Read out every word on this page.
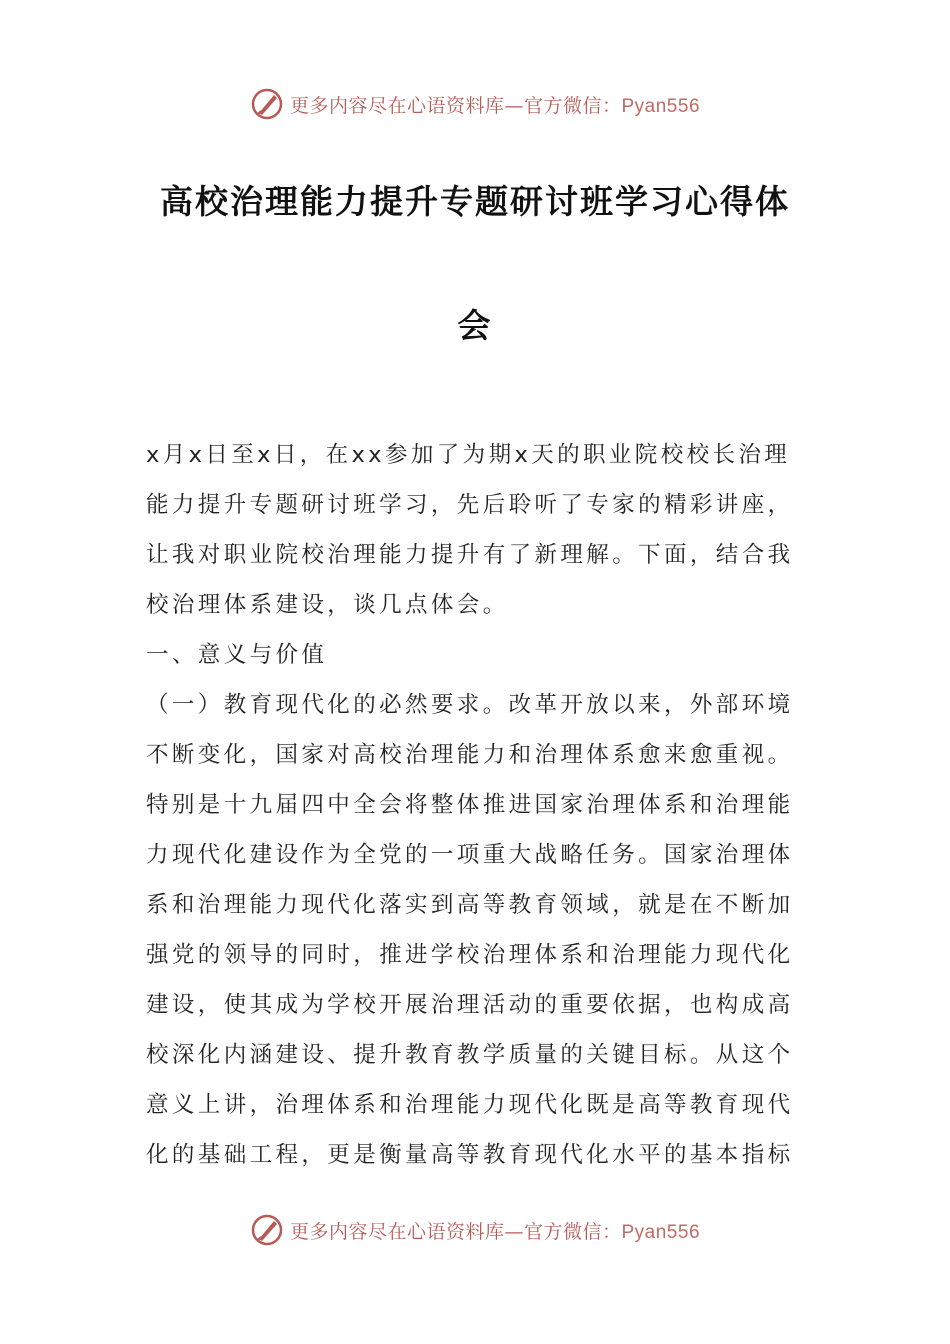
更多内容尽在心语资料库—官方微信：Pyan556
高校治理能力提升专题研讨班学习心得体
会
x月x日至x日，在xx参加了为期x天的职业院校校长治理
能力提升专题研讨班学习，先后聆听了专家的精彩讲座，
让我对职业院校治理能力提升有了新理解。下面，结合我
校治理体系建设，谈几点体会。
一、意义与价值
（一）教育现代化的必然要求。改革开放以来，外部环境
不断变化，国家对高校治理能力和治理体系愈来愈重视。
特别是十九届四中全会将整体推进国家治理体系和治理能
力现代化建设作为全党的一项重大战略任务。国家治理体
系和治理能力现代化落实到高等教育领域，就是在不断加
强党的领导的同时，推进学校治理体系和治理能力现代化
建设，使其成为学校开展治理活动的重要依据，也构成高
校深化内涵建设、提升教育教学质量的关键目标。从这个
意义上讲，治理体系和治理能力现代化既是高等教育现代
化的基础工程，更是衡量高等教育现代化水平的基本指标
更多内容尽在心语资料库—官方微信：Pyan556
